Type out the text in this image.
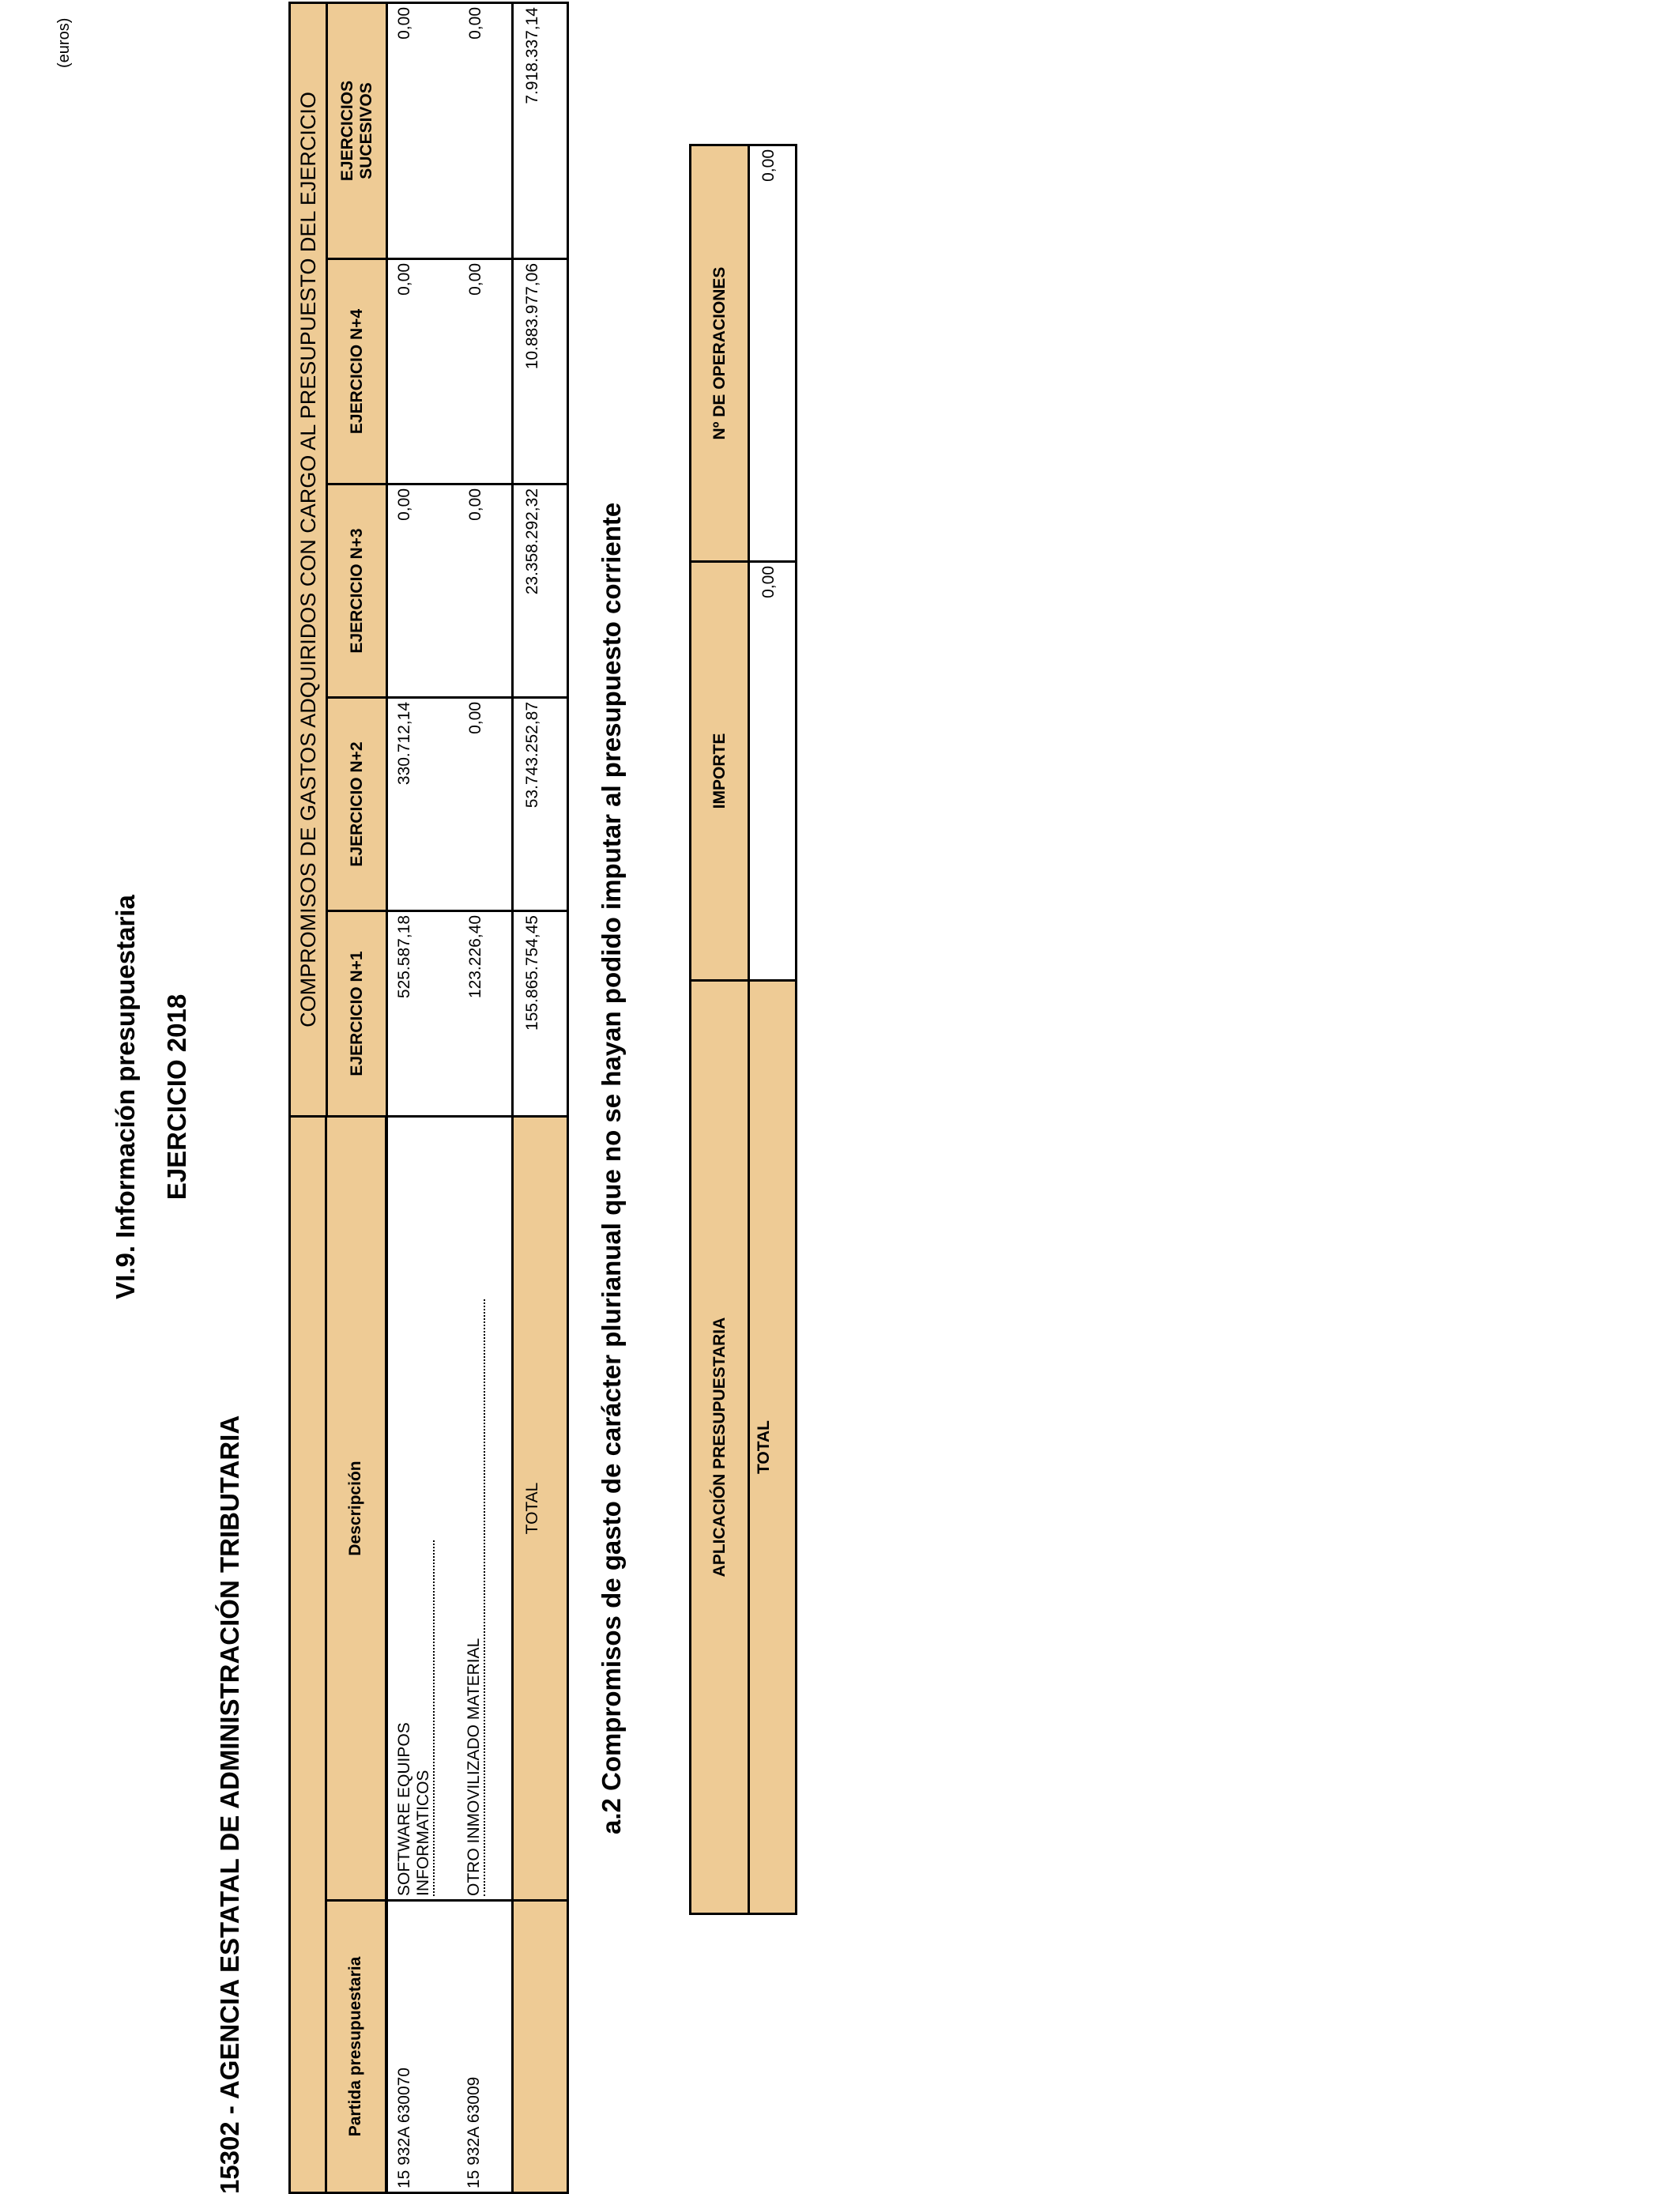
VI.9. Información presupuestaria EJERCICIO 2018
15302 - AGENCIA ESTATAL DE ADMINISTRACIÓN TRIBUTARIA
(euros)
	COMPROMISOS DE GASTOS ADQUIRIDOS CON CARGO AL PRESUPUESTO DEL EJERCICIO				
	EJERCICIO N+1	EJERCICIO N+2	EJERCICIO N+3	EJERCICIO N+4	EJERCICIOS
SUCESIVOS

Partida presupuestaria	Descripción					
15 932A 630070	SOFTWARE EQUIPOS INFORMATICOS	525.587,18	330.712,14	0,00	0,00	0,00
15 932A 63009	OTRO INMOVILIZADO MATERIAL	123.226,40	0,00	0,00	0,00	0,00
	TOTAL	155.865.754,45	53.743.252,87	23.358.292,32	10.883.977,06	7.918.337,14
a.2 Compromisos de gasto de carácter plurianual que no se hayan podido imputar al presupuesto corriente	APLICACIÓN PRESUPUESTARIA	IMPORTE	Nº DE OPERACIONES
TOTAL	0,00	0,00
